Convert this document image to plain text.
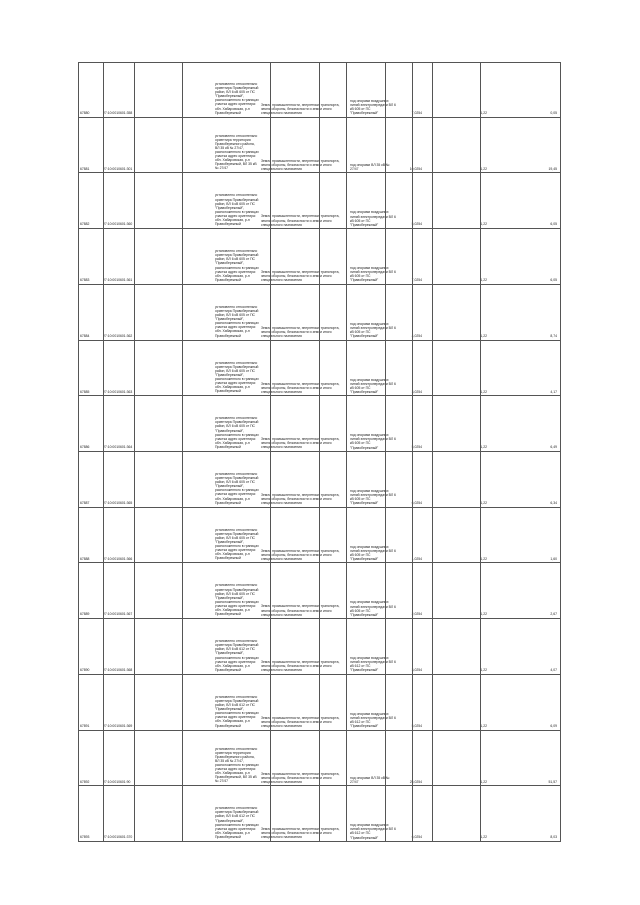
67880	27:10:0010601:358
установлено относительно ориентира Правобережный район, ВЛ 6 кВ 605 от ПС "Правобережный", расположенного в границах участка адрес ориентира: обл. Хабаровская, р-н Правобережный
Земли промышленности, энергетики, транспорта, земли обороны, безопасности и земли иного специального назначения
под опорами воздушных линий электропередачи ВЛ 6 кВ 605 от ПС "Правобережный"	7,0254	1,22	0,05
67881	27:10:0010601:301
установлено относительно ориентира территория Правобережного района, ВЛ 35 кВ № 27/47, расположенного в границах участка адрес ориентира: обл. Хабаровская, р-н Правобережный, ВЛ 35 кВ № 27/47
Земли промышленности, энергетики, транспорта, земли обороны, безопасности и земли иного специального назначения
под опорами ВЛ 35 кВ № 27/47	10,0254	1,22	19,45
67882	27:10:0010601:360
установлено относительно ориентира Правобережный район, ВЛ 6 кВ 605 от ПС "Правобережный", расположенного в границах участка адрес ориентира: обл. Хабаровская, р-н Правобережный
Земли промышленности, энергетики, транспорта, земли обороны, безопасности и земли иного специального назначения
под опорами воздушных линий электропередачи ВЛ 6 кВ 605 от ПС "Правобережный"	5,0254	1,22	6,05
67883	27:10:0010601:361
установлено относительно ориентира Правобережный район, ВЛ 6 кВ 605 от ПС "Правобережный", расположенного в границах участка адрес ориентира: обл. Хабаровская, р-н Правобережный
Земли промышленности, энергетики, транспорта, земли обороны, безопасности и земли иного специального назначения
под опорами воздушных линий электропередачи ВЛ 6 кВ 605 от ПС "Правобережный"	7,0254	1,22	6,05
67884	27:10:0010601:362
установлено относительно ориентира Правобережный район, ВЛ 6 кВ 605 от ПС "Правобережный", расположенного в границах участка адрес ориентира: обл. Хабаровская, р-н Правобережный
Земли промышленности, энергетики, транспорта, земли обороны, безопасности и земли иного специального назначения
под опорами воздушных линий электропередачи ВЛ 6 кВ 605 от ПС "Правобережный"	4,0254	1,22	8,74
67885	27:10:0010601:363
установлено относительно ориентира Правобережный район, ВЛ 6 кВ 605 от ПС "Правобережный", расположенного в границах участка адрес ориентира: обл. Хабаровская, р-н Правобережный
Земли промышленности, энергетики, транспорта, земли обороны, безопасности и земли иного специального назначения
под опорами воздушных линий электропередачи ВЛ 6 кВ 605 от ПС "Правобережный"	3,0254	1,22	4,17
67886	27:10:0010601:364
установлено относительно ориентира Правобережный район, ВЛ 6 кВ 605 от ПС "Правобережный", расположенного в границах участка адрес ориентира: обл. Хабаровская, р-н Правобережный
Земли промышленности, энергетики, транспорта, земли обороны, безопасности и земли иного специального назначения
под опорами воздушных линий электропередачи ВЛ 6 кВ 605 от ПС "Правобережный"	5,0254	1,22	6,49
67887	27:10:0010601:365
установлено относительно ориентира Правобережный район, ВЛ 6 кВ 605 от ПС "Правобережный", расположенного в границах участка адрес ориентира: обл. Хабаровская, р-н Правобережный
Земли промышленности, энергетики, транспорта, земли обороны, безопасности и земли иного специального назначения
под опорами воздушных линий электропередачи ВЛ 6 кВ 605 от ПС "Правобережный"	6,0254	1,22	6,34
67888	27:10:0010601:366
установлено относительно ориентира Правобережный район, ВЛ 6 кВ 605 от ПС "Правобережный", расположенного в границах участка адрес ориентира: обл. Хабаровская, р-н Правобережный
Земли промышленности, энергетики, транспорта, земли обороны, безопасности и земли иного специального назначения
под опорами воздушных линий электропередачи ВЛ 6 кВ 605 от ПС "Правобережный"	1,0254	1,22	1,60
67889	27:10:0010601:367
установлено относительно ориентира Правобережный район, ВЛ 6 кВ 605 от ПС "Правобережный", расположенного в границах участка адрес ориентира: обл. Хабаровская, р-н Правобережный
Земли промышленности, энергетики, транспорта, земли обороны, безопасности и земли иного специального назначения
под опорами воздушных линий электропередачи ВЛ 6 кВ 605 от ПС "Правобережный"	2,0254	1,22	2,67
67890	27:10:0010601:368
установлено относительно ориентира Правобережный район, ВЛ 6 кВ 612 от ПС "Правобережный", расположенного в границах участка адрес ориентира: обл. Хабаровская, р-н Правобережный
Земли промышленности, энергетики, транспорта, земли обороны, безопасности и земли иного специального назначения
под опорами воздушных линий электропередачи ВЛ 6 кВ 612 от ПС "Правобережный"	3,0254	1,22	4,07
67891	27:10:0010601:369
установлено относительно ориентира Правобережный район, ВЛ 6 кВ 612 от ПС "Правобережный", расположенного в границах участка адрес ориентира: обл. Хабаровская, р-н Правобережный
Земли промышленности, энергетики, транспорта, земли обороны, безопасности и земли иного специального назначения
под опорами воздушных линий электропередачи ВЛ 6 кВ 612 от ПС "Правобережный"	5,0254	1,22	6,09
67892	27:10:0010601:90
установлено относительно ориентира территория Правобережного района, ВЛ 35 кВ № 27/47, расположенного в границах участка адрес ориентира: обл. Хабаровская, р-н Правобережный, ВЛ 35 кВ № 27/47
Земли промышленности, энергетики, транспорта, земли обороны, безопасности и земли иного специального назначения
под опорами ВЛ 35 кВ № 27/47	25,0254	1,22	51,57
67893	27:10:0010601:370
установлено относительно ориентира Правобережный район, ВЛ 6 кВ 612 от ПС "Правобережный", расположенного в границах участка адрес ориентира: обл. Хабаровская, р-н Правобережный
Земли промышленности, энергетики, транспорта, земли обороны, безопасности и земли иного специального назначения
под опорами воздушных линий электропередачи ВЛ 6 кВ 612 от ПС "Правобережный"	6,0254	1,22	8,03
